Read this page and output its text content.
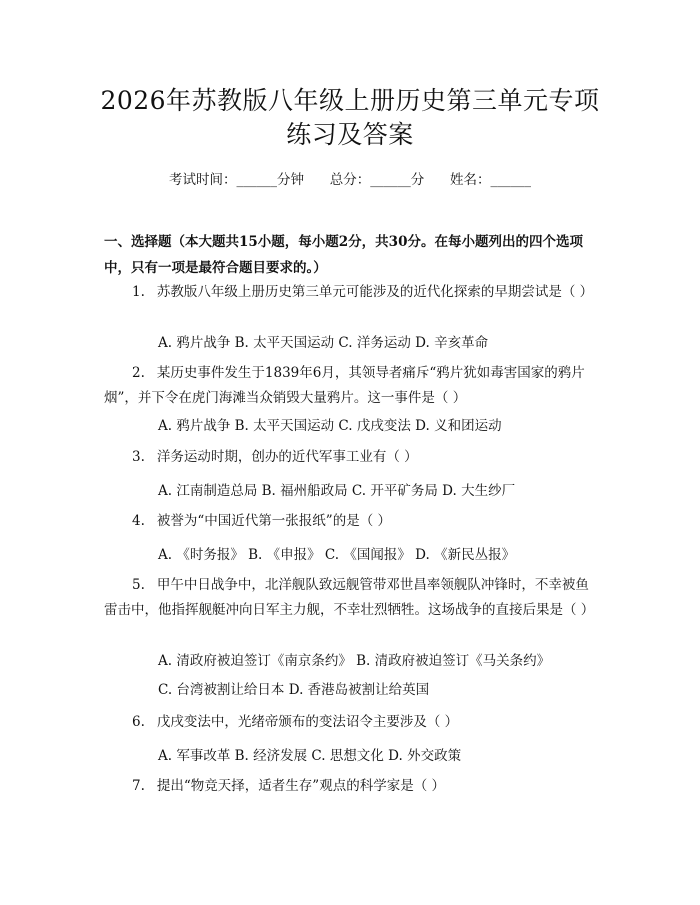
2026年苏教版八年级上册历史第三单元专项
练习及答案
考试时间：______分钟      总分：______分      姓名：______
一、选择题（本大题共15小题，每小题2分，共30分。在每小题列出的四个选项中，只有一项是最符合题目要求的。）
1. 苏教版八年级上册历史第三单元可能涉及的近代化探索的早期尝试是（ ）
A. 鸦片战争 B. 太平天国运动 C. 洋务运动 D. 辛亥革命
2. 某历史事件发生于1839年6月，其领导者痛斥“鸦片犹如毒害国家的鸦片烟”，并下令在虎门海滩当众销毁大量鸦片。这一事件是（ ）
A. 鸦片战争 B. 太平天国运动 C. 戊戌变法 D. 义和团运动
3. 洋务运动时期，创办的近代军事工业有（ ）
A. 江南制造总局 B. 福州船政局 C. 开平矿务局 D. 大生纱厂
4. 被誉为“中国近代第一张报纸”的是（ ）
A. 《时务报》 B. 《申报》 C. 《国闻报》 D. 《新民丛报》
5. 甲午中日战争中，北洋舰队致远舰管带邓世昌率领舰队冲锋时，不幸被鱼雷击中，他指挥舰艇冲向日军主力舰，不幸壮烈牺牲。这场战争的直接后果是（ ）
A. 清政府被迫签订《南京条约》 B. 清政府被迫签订《马关条约》
C. 台湾被割让给日本 D. 香港岛被割让给英国
6. 戊戌变法中，光绪帝颁布的变法诏令主要涉及（ ）
A. 军事改革 B. 经济发展 C. 思想文化 D. 外交政策
7. 提出“物竞天择，适者生存”观点的科学家是（ ）
